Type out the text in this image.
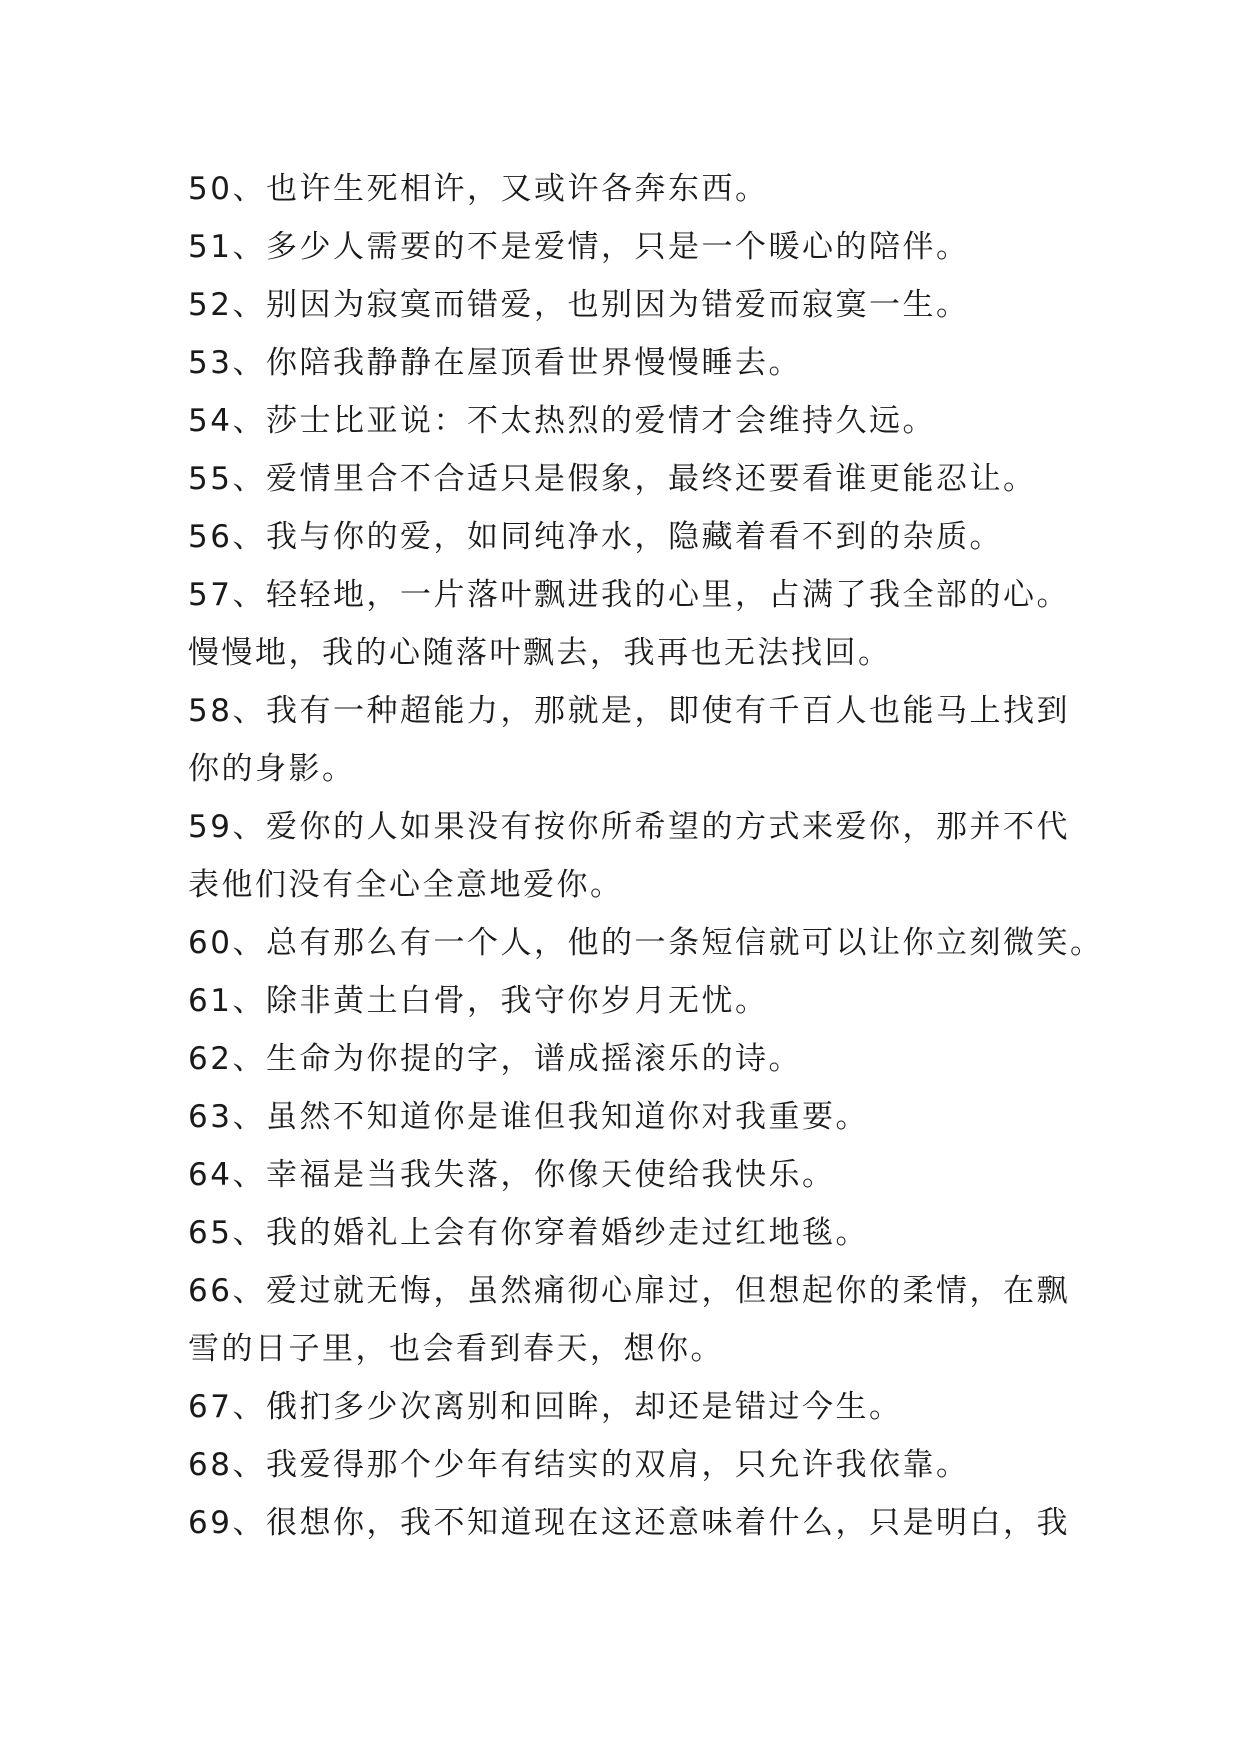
50、也许生死相许，又或许各奔东西。
51、多少人需要的不是爱情，只是一个暖心的陪伴。
52、别因为寂寞而错爱，也别因为错爱而寂寞一生。
53、你陪我静静在屋顶看世界慢慢睡去。
54、莎士比亚说：不太热烈的爱情才会维持久远。
55、爱情里合不合适只是假象，最终还要看谁更能忍让。
56、我与你的爱，如同纯净水，隐藏着看不到的杂质。
57、轻轻地，一片落叶飘进我的心里，占满了我全部的心。
慢慢地，我的心随落叶飘去，我再也无法找回。
58、我有一种超能力，那就是，即使有千百人也能马上找到
你的身影。
59、爱你的人如果没有按你所希望的方式来爱你，那并不代
表他们没有全心全意地爱你。
60、总有那么有一个人，他的一条短信就可以让你立刻微笑。
61、除非黄土白骨，我守你岁月无忧。
62、生命为你提的字，谱成摇滚乐的诗。
63、虽然不知道你是谁但我知道你对我重要。
64、幸福是当我失落，你像天使给我快乐。
65、我的婚礼上会有你穿着婚纱走过红地毯。
66、爱过就无悔，虽然痛彻心扉过，但想起你的柔情，在飘
雪的日子里，也会看到春天，想你。
67、俄扪多少次离别和回眸，却还是错过今生。
68、我爱得那个少年有结实的双肩，只允许我依靠。
69、很想你，我不知道现在这还意味着什么，只是明白，我
